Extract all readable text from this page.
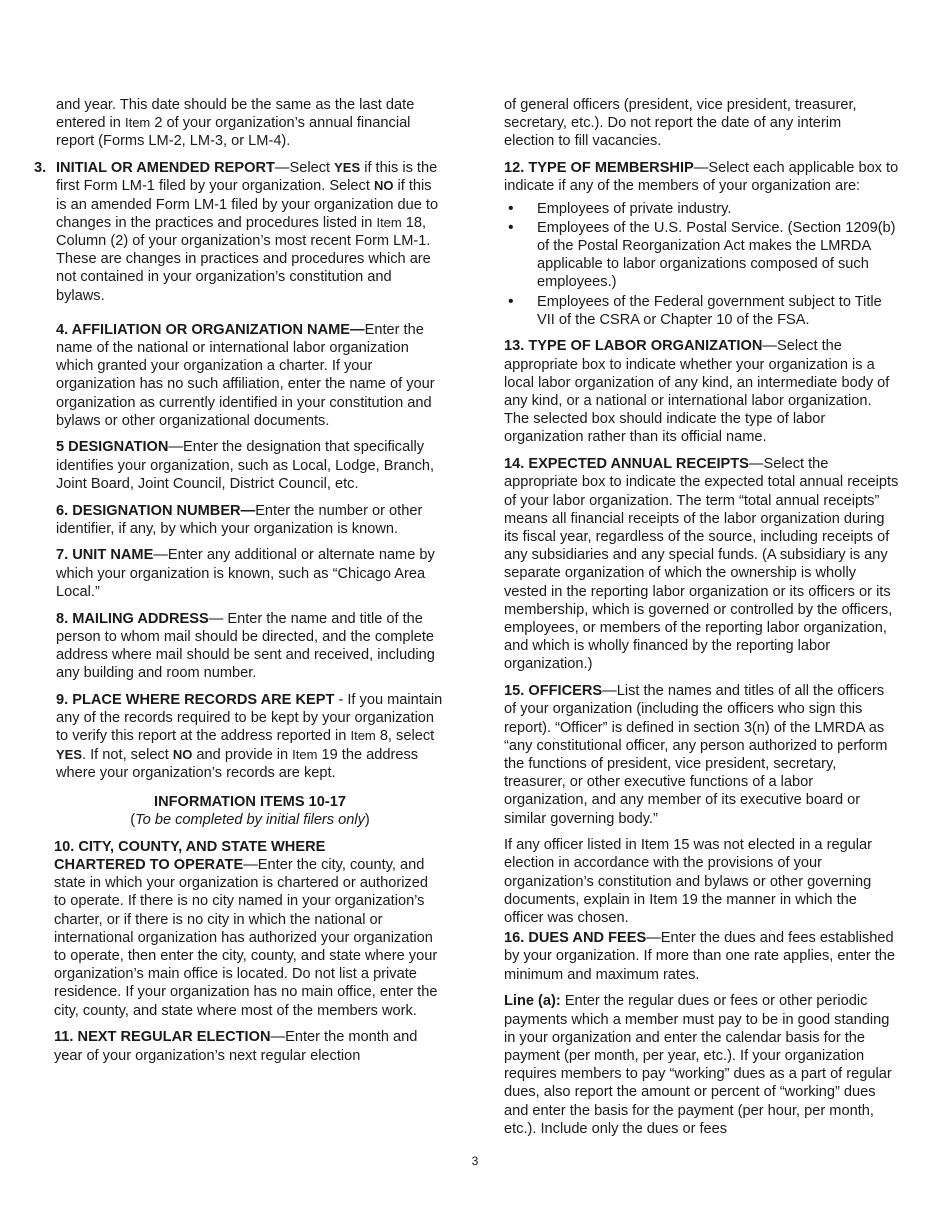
and year. This date should be the same as the last date
entered in Item 2 of your organization’s annual financial
report (Forms LM-2, LM-3, or LM-4).

3. INITIAL OR AMENDED REPORT—Select YES if this is the first Form LM-1 filed by your organization. Select NO if this is an amended Form LM-1 filed by your organization due to changes in the practices and procedures listed in Item 18, Column (2) of your organization’s most recent Form LM-1. These are changes in practices and procedures which are not contained in your organization’s constitution and bylaws.

4. AFFILIATION OR ORGANIZATION NAME—Enter the name of the national or international labor organization which granted your organization a charter. If your organization has no such affiliation, enter the name of your organization as currently identified in your constitution and bylaws or other organizational documents.

5 DESIGNATION—Enter the designation that specifically identifies your organization, such as Local, Lodge, Branch, Joint Board, Joint Council, District Council, etc.

6. DESIGNATION NUMBER—Enter the number or other identifier, if any, by which your organization is known.

7. UNIT NAME—Enter any additional or alternate name by which your organization is known, such as “Chicago Area Local.”

8. MAILING ADDRESS— Enter the name and title of the person to whom mail should be directed, and the complete address where mail should be sent and received, including any building and room number.

9. PLACE WHERE RECORDS ARE KEPT - If you maintain any of the records required to be kept by your organization to verify this report at the address reported in Item 8, select YES. If not, select NO and provide in Item 19 the address where your organization’s records are kept.

INFORMATION ITEMS 10-17

(To be completed by initial filers only)

10. CITY, COUNTY, AND STATE WHERE
CHARTERED TO OPERATE—Enter the city, county, and state in which your organization is chartered or authorized to operate. If there is no city named in your organization’s charter, or if there is no city in which the national or international organization has authorized your organization to operate, then enter the city, county, and state where your organization’s main office is located. Do not list a private residence. If your organization has no main office, enter the city, county, and state where most of the members work.

11. NEXT REGULAR ELECTION—Enter the month and year of your organization’s next regular election

of general officers (president, vice president, treasurer, secretary, etc.). Do not report the date of any interim election to fill vacancies.

12. TYPE OF MEMBERSHIP—Select each applicable box to indicate if any of the members of your organization are:

• Employees of private industry.

• Employees of the U.S. Postal Service. (Section 1209(b) of the Postal Reorganization Act makes the LMRDA applicable to labor organizations composed of such employees.)

• Employees of the Federal government subject to Title VII of the CSRA or Chapter 10 of the FSA.

13. TYPE OF LABOR ORGANIZATION—Select the appropriate box to indicate whether your organization is a local labor organization of any kind, an intermediate body of any kind, or a national or international labor organization. The selected box should indicate the type of labor organization rather than its official name.

14. EXPECTED ANNUAL RECEIPTS—Select the appropriate box to indicate the expected total annual receipts of your labor organization. The term “total annual receipts” means all financial receipts of the labor organization during its fiscal year, regardless of the source, including receipts of any subsidiaries and any special funds. (A subsidiary is any separate organization of which the ownership is wholly vested in the reporting labor organization or its officers or its membership, which is governed or controlled by the officers, employees, or members of the reporting labor organization, and which is wholly financed by the reporting labor organization.)

15. OFFICERS—List the names and titles of all the officers of your organization (including the officers who sign this report). “Officer” is defined in section 3(n) of the LMRDA as “any constitutional officer, any person authorized to perform the functions of president, vice president, secretary, treasurer, or other executive functions of a labor organization, and any member of its executive board or similar governing body.”

If any officer listed in Item 15 was not elected in a regular election in accordance with the provisions of your organization’s constitution and bylaws or other governing documents, explain in Item 19 the manner in which the officer was chosen.

16. DUES AND FEES—Enter the dues and fees established by your organization. If more than one rate applies, enter the minimum and maximum rates.

Line (a): Enter the regular dues or fees or other periodic payments which a member must pay to be in good standing in your organization and enter the calendar basis for the payment (per month, per year, etc.). If your organization requires members to pay “working” dues as a part of regular dues, also report the amount or percent of “working” dues and enter the basis for the payment (per hour, per month, etc.). Include only the dues or fees

3
